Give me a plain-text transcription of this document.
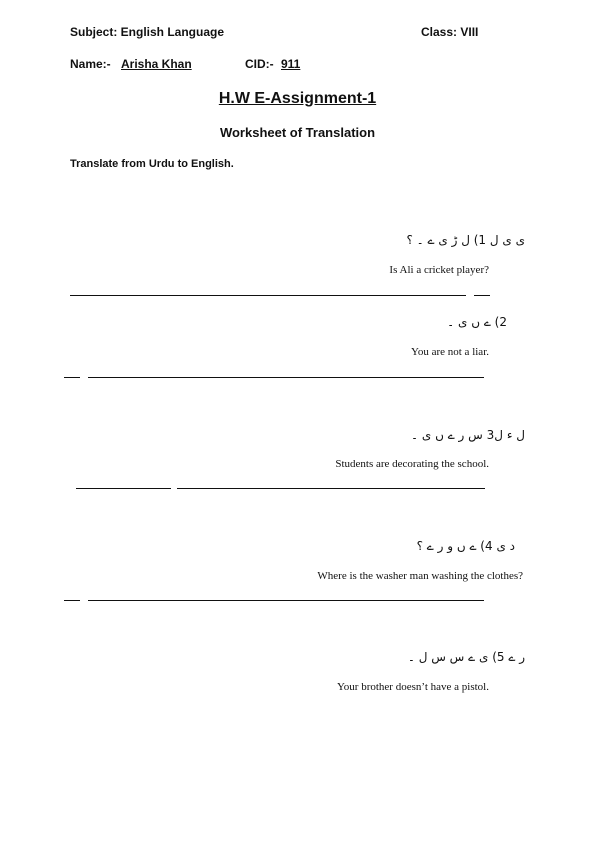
Subject: English Language	Class: VIII
Name:- Arisha Khan	CID:- 911
H.W E-Assignment-1
Worksheet of Translation
Translate from Urdu to English.
ی ی ل 1) ل ڑ ی ے ۔ ؟
Is Ali a cricket player?
2) ے ں ی ۔
You are not a liar.
ل ء ل3 س ر ے ں ی ۔
Students are decorating the school.
د ی 4) ے ں و ر ے ؟
Where is the washer man washing the clothes?
ر ے 5) ی ے س س ل ۔
Your brother doesn’t have a pistol.
